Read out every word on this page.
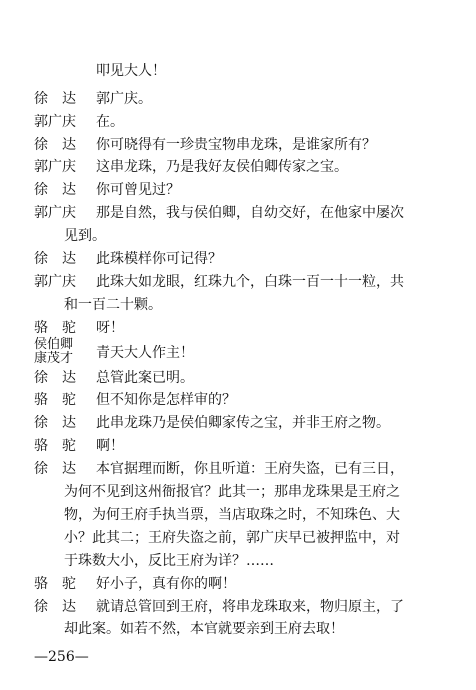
叩见大人！
徐　达	郭广庆。
郭广庆	在。
徐　达	你可晓得有一珍贵宝物串龙珠，是谁家所有？
郭广庆	这串龙珠，乃是我好友侯伯卿传家之宝。
徐　达	你可曾见过？
郭广庆	那是自然，我与侯伯卿，自幼交好，在他家中屡次
见到。
徐　达	此珠模样你可记得？
郭广庆	此珠大如龙眼，红珠九个，白珠一百一十一粒，共
和一百二十颗。
骆　驼	呀！
侯伯卿
康茂才	青天大人作主！
徐　达	总管此案已明。
骆　驼	但不知你是怎样审的？
徐　达	此串龙珠乃是侯伯卿家传之宝，并非王府之物。
骆　驼	啊！
徐　达	本官据理而断，你且听道：王府失盗，已有三日，
为何不见到这州衙报官？此其一；那串龙珠果是王府之
物，为何王府手执当票，当店取珠之时，不知珠色、大
小？此其二；王府失盗之前，郭广庆早已被押监中，对
于珠数大小，反比王府为详？……
骆　驼	好小子，真有你的啊！
徐　达	就请总管回到王府，将串龙珠取来，物归原主，了
却此案。如若不然，本官就要亲到王府去取！
—256—
